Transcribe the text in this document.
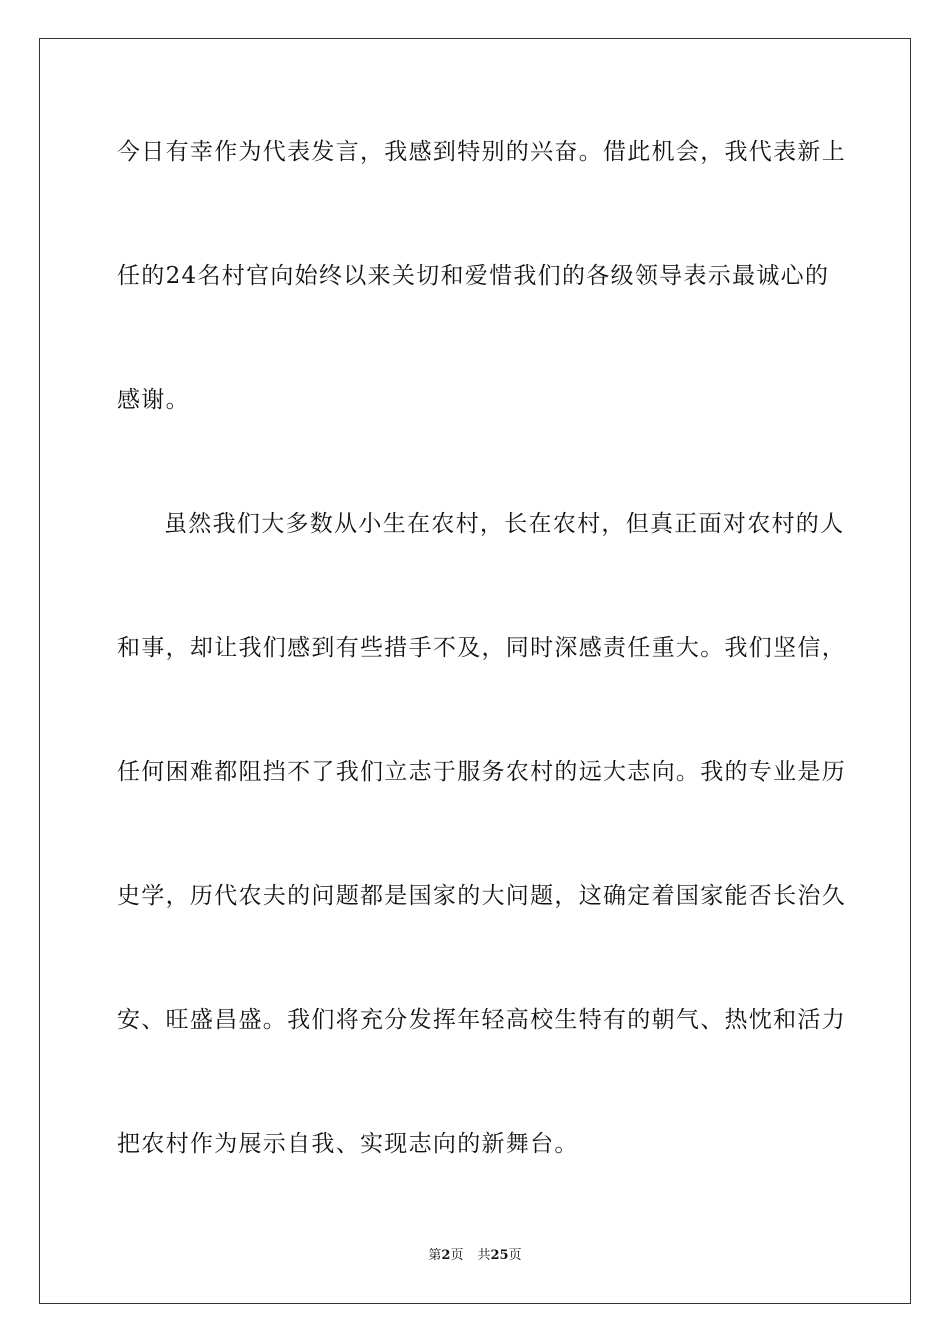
今日有幸作为代表发言，我感到特别的兴奋。借此机会，我代表新上
任的24名村官向始终以来关切和爱惜我们的各级领导表示最诚心的
感谢。
虽然我们大多数从小生在农村，长在农村，但真正面对农村的人
和事，却让我们感到有些措手不及，同时深感责任重大。我们坚信，
任何困难都阻挡不了我们立志于服务农村的远大志向。我的专业是历
史学，历代农夫的问题都是国家的大问题，这确定着国家能否长治久
安、旺盛昌盛。我们将充分发挥年轻高校生特有的朝气、热忱和活力
把农村作为展示自我、实现志向的新舞台。
第2页 共25页
